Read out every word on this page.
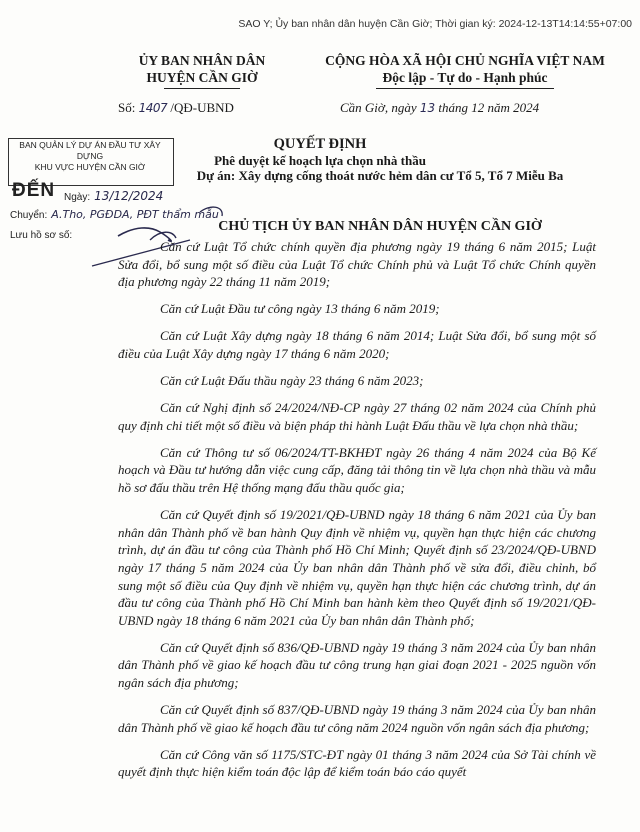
SAO Y; Ủy ban nhân dân huyện Cần Giờ; Thời gian ký: 2024-12-13T14:14:55+07:00
ỦY BAN NHÂN DÂN
HUYỆN CẦN GIỜ
CỘNG HÒA XÃ HỘI CHỦ NGHĨA VIỆT NAM
Độc lập - Tự do - Hạnh phúc
Số: 1407 /QĐ-UBND	Cần Giờ, ngày 13 tháng 12 năm 2024
BAN QUẢN LÝ DỰ ÁN ĐẦU TƯ XÂY DỰNG
KHU VỰC HUYỆN CẦN GIỜ
ĐẾN Ngày: 13/12/2024
Chuyển: A.Tho, PGĐDA, PĐT thẩm mẫu
Lưu hồ sơ số:
QUYẾT ĐỊNH
Phê duyệt kế hoạch lựa chọn nhà thầu
Dự án: Xây dựng cống thoát nước hẻm dân cư Tổ 5, Tổ 7 Miễu Ba
CHỦ TỊCH ỦY BAN NHÂN DÂN HUYỆN CẦN GIỜ

Căn cứ Luật Tổ chức chính quyền địa phương ngày 19 tháng 6 năm 2015; Luật Sửa đổi, bổ sung một số điều của Luật Tổ chức Chính phủ và Luật Tổ chức Chính quyền địa phương ngày 22 tháng 11 năm 2019;

Căn cứ Luật Đầu tư công ngày 13 tháng 6 năm 2019;

Căn cứ Luật Xây dựng ngày 18 tháng 6 năm 2014; Luật Sửa đổi, bổ sung một số điều của Luật Xây dựng ngày 17 tháng 6 năm 2020;

Căn cứ Luật Đấu thầu ngày 23 tháng 6 năm 2023;

Căn cứ Nghị định số 24/2024/NĐ-CP ngày 27 tháng 02 năm 2024 của Chính phủ quy định chi tiết một số điều và biện pháp thi hành Luật Đấu thầu về lựa chọn nhà thầu;

Căn cứ Thông tư số 06/2024/TT-BKHĐT ngày 26 tháng 4 năm 2024 của Bộ Kế hoạch và Đầu tư hướng dẫn việc cung cấp, đăng tải thông tin về lựa chọn nhà thầu và mẫu hồ sơ đấu thầu trên Hệ thống mạng đấu thầu quốc gia;

Căn cứ Quyết định số 19/2021/QĐ-UBND ngày 18 tháng 6 năm 2021 của Ủy ban nhân dân Thành phố về ban hành Quy định về nhiệm vụ, quyền hạn thực hiện các chương trình, dự án đầu tư công của Thành phố Hồ Chí Minh; Quyết định số 23/2024/QĐ-UBND ngày 17 tháng 5 năm 2024 của Ủy ban nhân dân Thành phố về sửa đổi, điều chỉnh, bổ sung một số điều của Quy định về nhiệm vụ, quyền hạn thực hiện các chương trình, dự án đầu tư công của Thành phố Hồ Chí Minh ban hành kèm theo Quyết định số 19/2021/QĐ-UBND ngày 18 tháng 6 năm 2021 của Ủy ban nhân dân Thành phố;

Căn cứ Quyết định số 836/QĐ-UBND ngày 19 tháng 3 năm 2024 của Ủy ban nhân dân Thành phố về giao kế hoạch đầu tư công trung hạn giai đoạn 2021 - 2025 nguồn vốn ngân sách địa phương;

Căn cứ Quyết định số 837/QĐ-UBND ngày 19 tháng 3 năm 2024 của Ủy ban nhân dân Thành phố về giao kế hoạch đầu tư công năm 2024 nguồn vốn ngân sách địa phương;

Căn cứ Công văn số 1175/STC-ĐT ngày 01 tháng 3 năm 2024 của Sở Tài chính về quyết định thực hiện kiểm toán độc lập để kiểm toán báo cáo quyết
